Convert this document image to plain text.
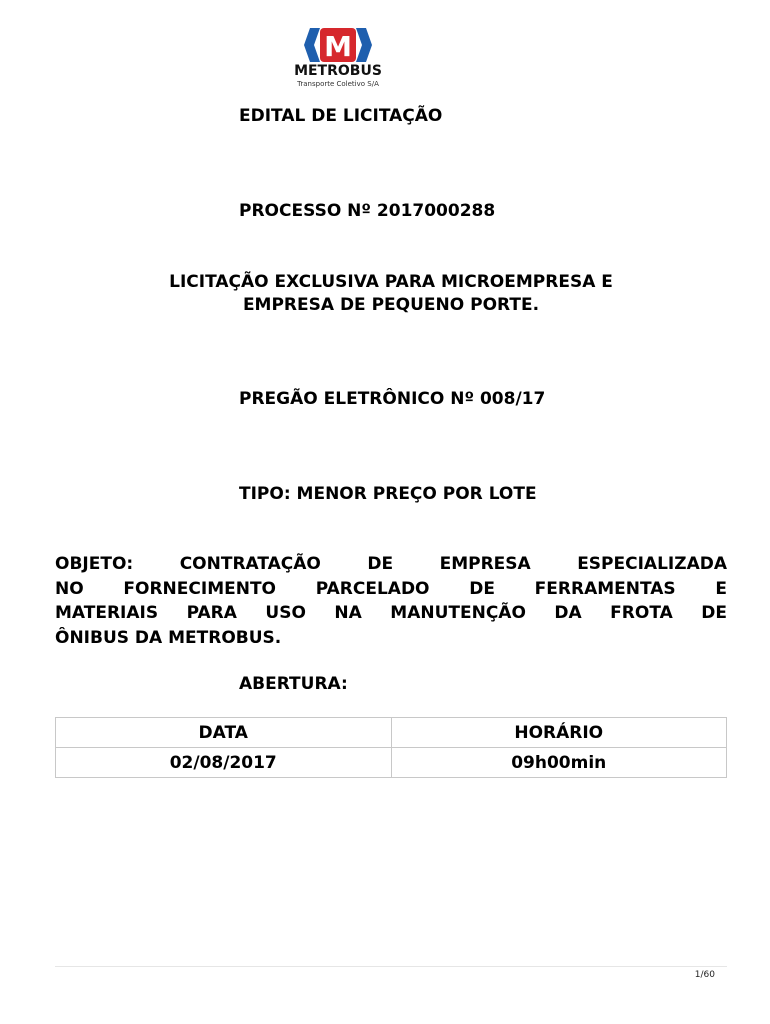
M
METROBUS
Transporte Coletivo S/A
EDITAL DE LICITAÇÃO
PROCESSO Nº 2017000288
LICITAÇÃO EXCLUSIVA PARA MICROEMPRESA E
EMPRESA DE PEQUENO PORTE.
PREGÃO ELETRÔNICO Nº 008/17
TIPO: MENOR PREÇO POR LOTE
OBJETO: CONTRATAÇÃO DE EMPRESA ESPECIALIZADA
NO FORNECIMENTO PARCELADO DE FERRAMENTAS E
MATERIAIS PARA USO NA MANUTENÇÃO DA FROTA DE
ÔNIBUS DA METROBUS.
ABERTURA:
DATA	HORÁRIO
02/08/2017	09h00min
1/60
